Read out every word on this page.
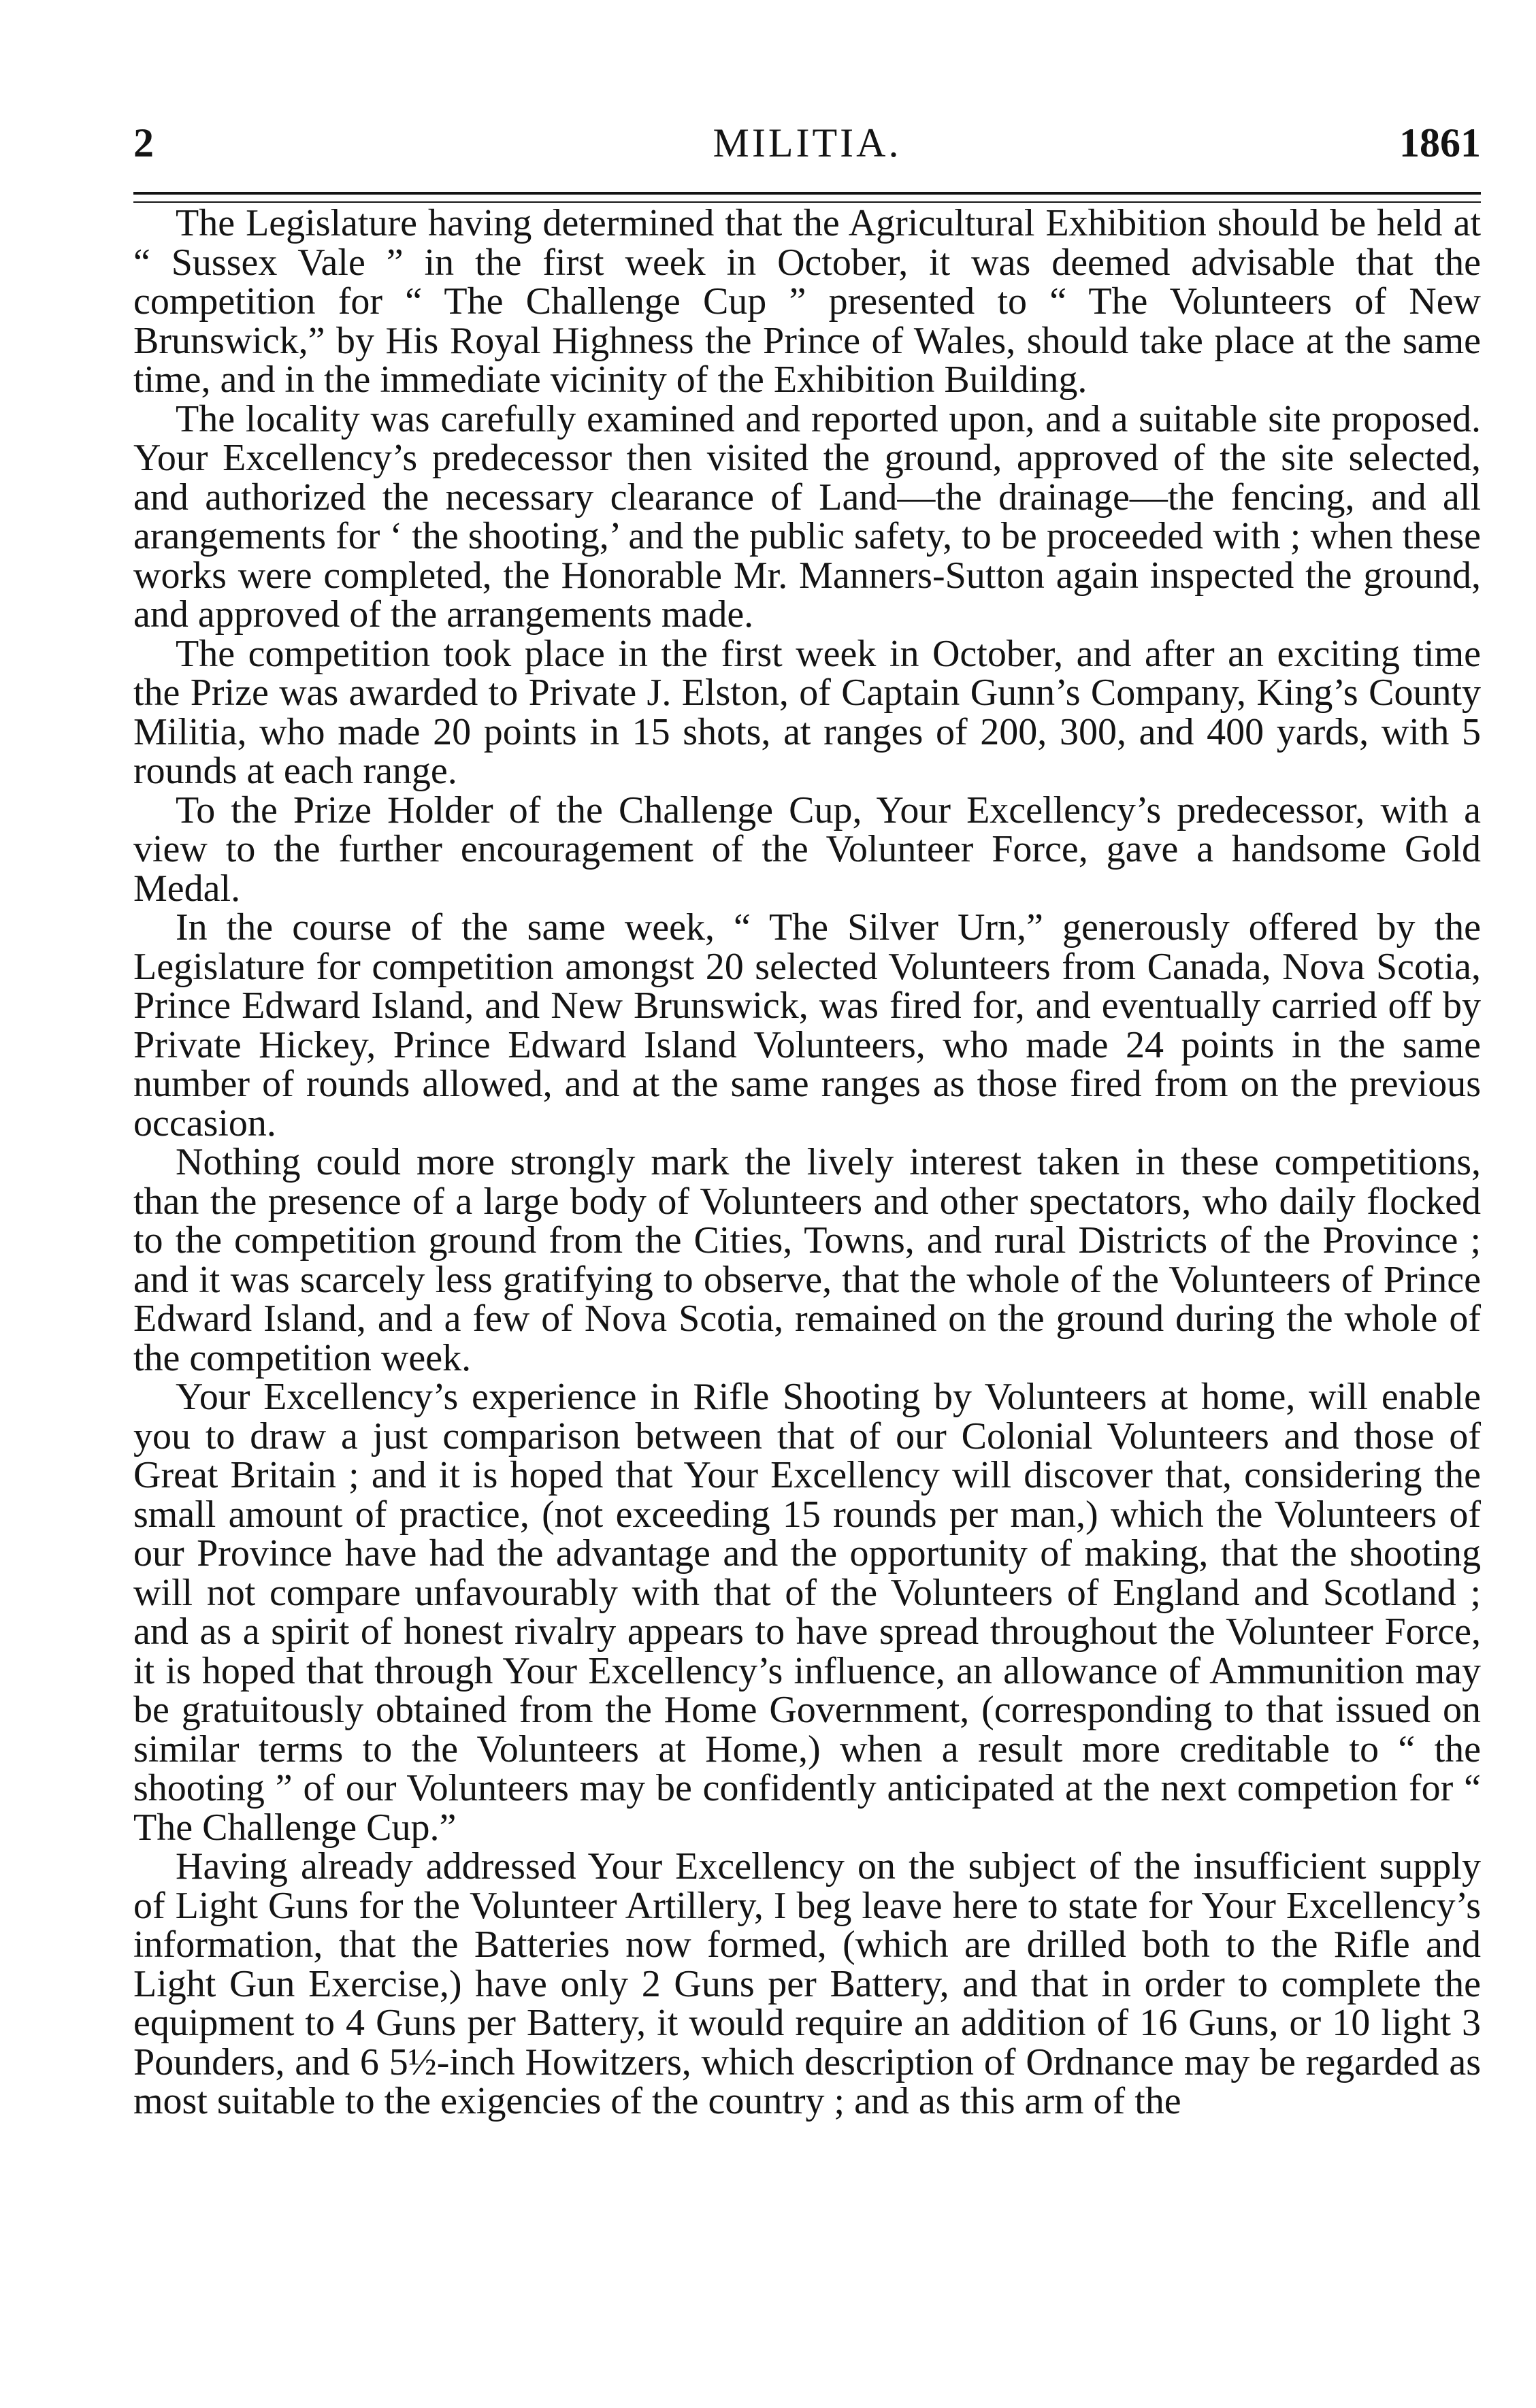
2	MILITIA.	1861

The Legislature having determined that the Agricultural Exhibition should be held at “ Sussex Vale ” in the first week in October, it was deemed advisable that the competition for “ The Challenge Cup ” presented to “ The Volunteers of New Brunswick,” by His Royal Highness the Prince of Wales, should take place at the same time, and in the immediate vicinity of the Exhibition Building.

The locality was carefully examined and reported upon, and a suitable site proposed. Your Excellency’s predecessor then visited the ground, approved of the site selected, and authorized the necessary clearance of Land—the drainage—the fencing, and all arangements for ‘ the shooting,’ and the public safety, to be proceeded with ; when these works were completed, the Honorable Mr. Manners-Sutton again inspected the ground, and approved of the arrangements made.

The competition took place in the first week in October, and after an exciting time the Prize was awarded to Private J. Elston, of Captain Gunn’s Company, King’s County Militia, who made 20 points in 15 shots, at ranges of 200, 300, and 400 yards, with 5 rounds at each range.

To the Prize Holder of the Challenge Cup, Your Excellency’s predecessor, with a view to the further encouragement of the Volunteer Force, gave a handsome Gold Medal.

In the course of the same week, “ The Silver Urn,” generously offered by the Legislature for competition amongst 20 selected Volunteers from Canada, Nova Scotia, Prince Edward Island, and New Brunswick, was fired for, and eventually carried off by Private Hickey, Prince Edward Island Volunteers, who made 24 points in the same number of rounds allowed, and at the same ranges as those fired from on the previous occasion.

Nothing could more strongly mark the lively interest taken in these competitions, than the presence of a large body of Volunteers and other spectators, who daily flocked to the competition ground from the Cities, Towns, and rural Districts of the Province ; and it was scarcely less gratifying to observe, that the whole of the Volunteers of Prince Edward Island, and a few of Nova Scotia, remained on the ground during the whole of the competition week.

Your Excellency’s experience in Rifle Shooting by Volunteers at home, will enable you to draw a just comparison between that of our Colonial Volunteers and those of Great Britain ; and it is hoped that Your Excellency will discover that, considering the small amount of practice, (not exceeding 15 rounds per man,) which the Volunteers of our Province have had the advantage and the opportunity of making, that the shooting will not compare unfavourably with that of the Volunteers of England and Scotland ; and as a spirit of honest rivalry appears to have spread throughout the Volunteer Force, it is hoped that through Your Excellency’s influence, an allowance of Ammunition may be gratuitously obtained from the Home Government, (corresponding to that issued on similar terms to the Volunteers at Home,) when a result more creditable to “ the shooting ” of our Volunteers may be confidently anticipated at the next competion for “ The Challenge Cup.”

Having already addressed Your Excellency on the subject of the insufficient supply of Light Guns for the Volunteer Artillery, I beg leave here to state for Your Excellency’s information, that the Batteries now formed, (which are drilled both to the Rifle and Light Gun Exercise,) have only 2 Guns per Battery, and that in order to complete the equipment to 4 Guns per Battery, it would require an addition of 16 Guns, or 10 light 3 Pounders, and 6 5½-inch Howitzers, which description of Ordnance may be regarded as most suitable to the exigencies of the country ; and as this arm of the
